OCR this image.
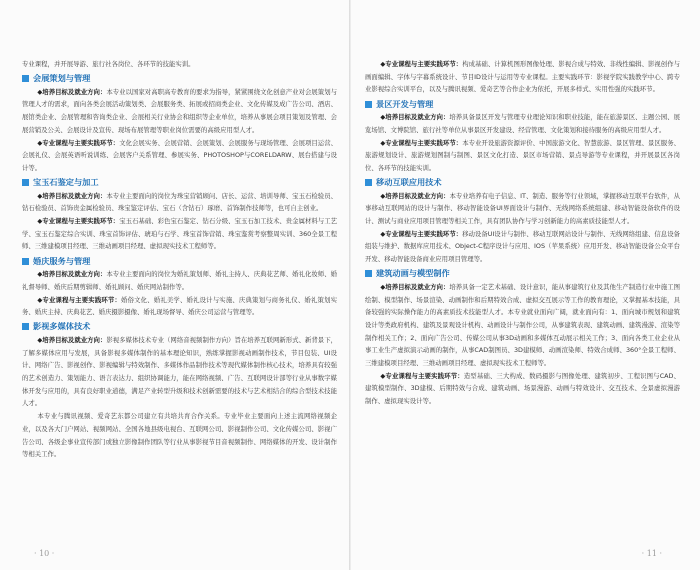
专业课程，并开展导游、旅行社各岗位、各环节的技能实训。

会展策划与管理

◆培养目标及就业方向：本专业以国家对高职高专教育的要求为指导，紧紧围绕文化创意产业对会展策划与管理人才的需求，面向各类会展活动策划类、会展服务类、拓展或招商类企业、文化传媒及成广告公司、酒店、展馆类企业、会展管理和咨询类企业、会展相关行业协会和组织等企业单位，培养从事展会项目策划及管理、会展营销及公关、会展设计及宣传、现场布展管理等职业岗位需要的高级应用型人才。

◆专业课程与主要实践环节：文化会展实务、会展营销、会展策划、会展服务与现场管理、会展项目运营、会展礼仪、会展英语听说训练、会展客户关系管理、参展实务、PHOTOSHOP与CORELDARW、展台搭建与设计等。

宝玉石鉴定与加工

◆培养目标及就业方向：本专业主要面向的岗位为珠宝营销顾问、店长、运营、培训导师、宝玉石检验员、钻石检验员、首饰贵金属检验员、珠宝鉴定评估、宝石（含钻石）琢磨、首饰制作技师等，也可自主创业。

◆专业课程与主要实践环节：宝玉石基础、彩色宝石鉴定、钻石分级、宝玉石加工技术、贵金属材料与工艺学、宝玉石鉴定综合实训、珠宝首饰评估、琥珀与石学、珠宝首饰营销、珠宝鉴赏考察整周实训、360全景工程师、三维建模项目经理、三维动画项目经理、虚拟现实技术工程师等。

婚庆服务与管理

◆培养目标及就业方向：本专业主要面向的岗位为婚礼策划师、婚礼主持人、庆典花艺师、婚礼化妆师、婚礼督导师、婚庆后期剪辑师、婚礼顾问、婚庆网站制作等。

◆专业课程与主要实践环节：婚俗文化、婚礼美学、婚礼设计与实施、庆典策划与商务礼仪、婚礼策划实务、婚庆主持、庆典花艺、婚庆摄影摄像、婚礼现场督导、婚庆公司运营与管理等。

影视多媒体技术

◆培养目标及就业方向：影视多媒体技术专业（网络音视频制作方向）旨在培养互联网新形式、新背景下，了解多媒体应用与发展，具备影视多媒体制作的基本理论知识，熟练掌握影视动画制作技术，节目包装、UI设计、网络广告、影视创作、影视编辑与特效制作、多媒体作品制作技术等现代媒体制作核心技术，培养具有较强的艺术创造力、策划能力、语言表达力、组织协调能力，能在网络视频、广告、互联网设计部等行业从事数字媒体开发与应用的，具有良好职业道德，满足产业转型升级和技术创新需要的技术与艺术相结合的综合型技术技能人才。

本专业与腾讯视频、爱奇艺东都公司建立有共培共育合作关系。专业毕业主要面向上述主流网络视频企业，以及各大门户网站、视频网站、全国各地县级电视台、互联网公司、影视制作公司、文化传媒公司、影视广告公司、各级企事业宣传部门或独立影像制作团队等行业从事影视节目音视频制作、网络媒体的开发、设计制作等相关工作。

· 10 ·

◆专业课程与主要实践环节：构成基础、计算机图形图像处理、影视合成与特效、非线性编辑、影视创作与画面编辑、字体与字幕系统设计、节目ID设计与运用等专业课程。主要实践环节：影视学院实践教学中心、跨专业影视综合实训平台，以及与腾讯视频、爱奇艺等合作企业为依托，开展多样式、实用性强的实践环节。

景区开发与管理

◆培养目标及就业方向：培养具备景区开发与管理专业理论知识和职业技能，能在旅游景区、主题公园、展览场馆、文博院馆、旅行社等单位从事景区开发建设、经营管理、文化策划和接待服务的高级应用型人才。

◆专业课程与主要实践环节：本专业开设旅游资源评价、中国旅游文化、智慧旅游、景区管理、景区服务、旅游规划设计、旅游规划图制与制图、景区文化打造、景区市场营销、景点导游等专业课程，并开展景区各岗位、各环节的技能实训。

移动互联应用技术

◆培养目标及就业方向：本专业培养有电子信息、IT、制造、服务等行业领域，掌握移动互联平台软件，从事移动互联网站的设计与制作、移动智能设备UI界面设计与制作、无线网络系统组建、移动智能设备软件的设计、测试与商业应用项目管理等相关工作，具有团队协作与学习创新能力的高素质技能型人才。

◆专业课程与主要实践环节：移动设备UI设计与制作、移动互联网站设计与制作、无线网络组建、信息设备组装与维护、数据库应用技术、Object-C程序设计与应用、IOS（苹果系统）应用开发、移动智能设备公众平台开发、移动智能设备商业应用项目管理等。

建筑动画与模型制作

◆培养目标及就业方向：培养具备一定艺术基础、设计意识，能从事建筑行业及其他生产制造行业中施工图绘制、模型制作、场景渲染、动画制作和后期特效合成、虚拟交互展示等工作的教育理论，又掌握基本技能，具备较强的实际操作能力的高素质技术技能型人才。本专业就业面向广阔，就业面向有：1、面向城市规划和建筑设计等类政府机构、建筑及景观设计机构、动画设计与制作公司，从事建筑表现、建筑动画、建筑漫游、渲染等制作相关工作；2、面向广告公司、传媒公司从事3D动画和多媒体互动展示相关工作；3、面向各类工业企业从事工业生产虚拟演示动画的制作，从事CAD制图员、3D建模师、动画渲染师、特效合成师、360°全景工程师、三维建模项目经理、三维动画项目经理、虚拟现实技术工程师等。

◆专业课程与主要实践环节：造型基础、三大构成、数码摄影与图像处理、建筑初步、工程识图与CAD、建筑模型制作、3D建模、后期特效与合成、建筑动画、场景漫游、动画与特效设计、交互技术、全景虚拟漫游制作、虚拟现实设计等。

· 11 ·
